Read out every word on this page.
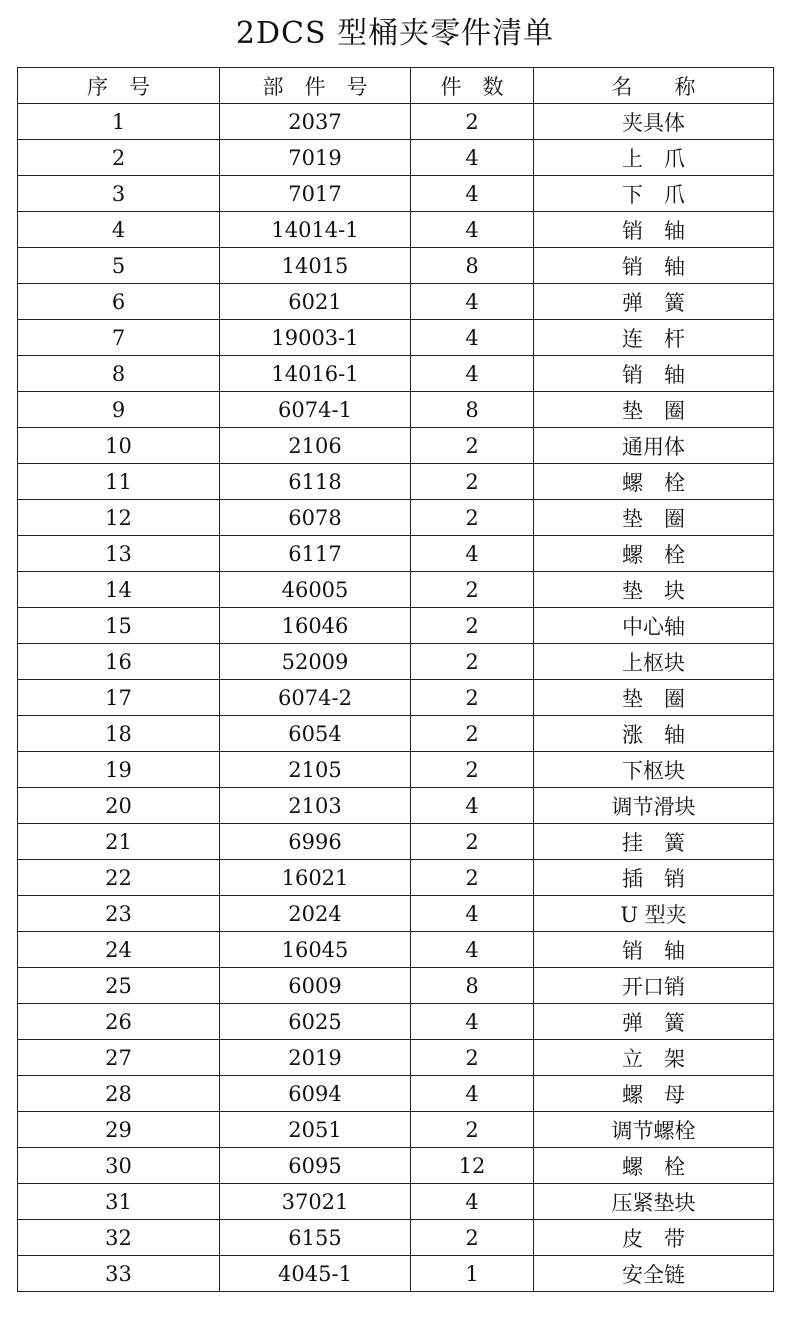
2DCS 型桶夹零件清单
序　号	部　件　号	件　数	名　　称
1	2037	2	夹具体
2	7019	4	上　爪
3	7017	4	下　爪
4	14014-1	4	销　轴
5	14015	8	销　轴
6	6021	4	弹　簧
7	19003-1	4	连　杆
8	14016-1	4	销　轴
9	6074-1	8	垫　圈
10	2106	2	通用体
11	6118	2	螺　栓
12	6078	2	垫　圈
13	6117	4	螺　栓
14	46005	2	垫　块
15	16046	2	中心轴
16	52009	2	上枢块
17	6074-2	2	垫　圈
18	6054	2	涨　轴
19	2105	2	下枢块
20	2103	4	调节滑块
21	6996	2	挂　簧
22	16021	2	插　销
23	2024	4	U 型夹
24	16045	4	销　轴
25	6009	8	开口销
26	6025	4	弹　簧
27	2019	2	立　架
28	6094	4	螺　母
29	2051	2	调节螺栓
30	6095	12	螺　栓
31	37021	4	压紧垫块
32	6155	2	皮　带
33	4045-1	1	安全链
